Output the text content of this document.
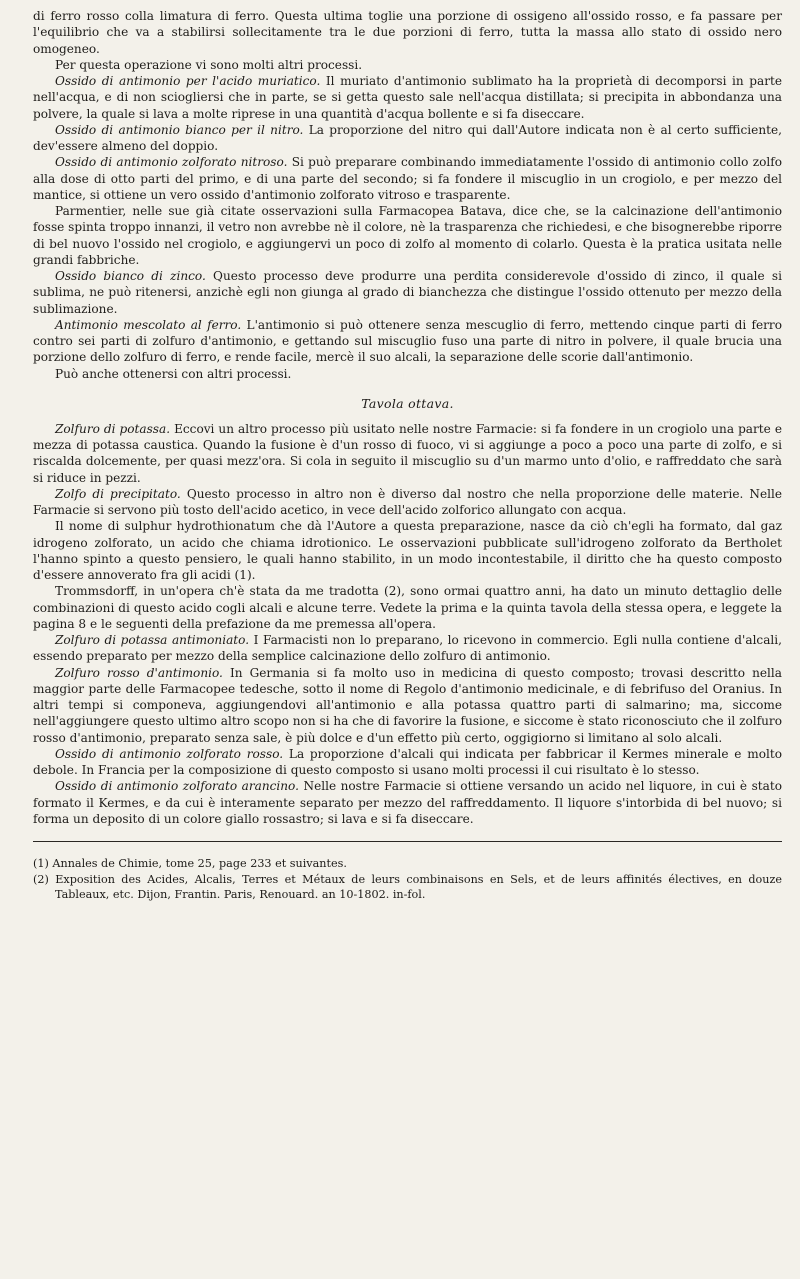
di ferro rosso colla limatura di ferro. Questa ultima toglie una porzione di ossigeno all'ossido rosso, e fa passare per l'equilibrio che va a stabilirsi sollecitamente tra le due porzioni di ferro, tutta la massa allo stato di ossido nero omogeneo.

Per questa operazione vi sono molti altri processi.

Ossido di antimonio per l'acido muriatico. Il muriato d'antimonio sublimato ha la proprietà di decomporsi in parte nell'acqua, e di non sciogliersi che in parte, se si getta questo sale nell'acqua distillata; si precipita in abbondanza una polvere, la quale si lava a molte riprese in una quantità d'acqua bollente e si fa diseccare.

Ossido di antimonio bianco per il nitro. La proporzione del nitro qui dall'Autore indicata non è al certo sufficiente, dev'essere almeno del doppio.

Ossido di antimonio zolforato nitroso. Si può preparare combinando immediatamente l'ossido di antimonio collo zolfo alla dose di otto parti del primo, e di una parte del secondo; si fa fondere il miscuglio in un crogiolo, e per mezzo del mantice, si ottiene un vero ossido d'antimonio zolforato vitroso e trasparente.

Parmentier, nelle sue già citate osservazioni sulla Farmacopea Batava, dice che, se la calcinazione dell'antimonio fosse spinta troppo innanzi, il vetro non avrebbe nè il colore, nè la trasparenza che richiedesi, e che bisognerebbe riporre di bel nuovo l'ossido nel crogiolo, e aggiungervi un poco di zolfo al momento di colarlo. Questa è la pratica usitata nelle grandi fabbriche.

Ossido bianco di zinco. Questo processo deve produrre una perdita considerevole d'ossido di zinco, il quale si sublima, ne può ritenersi, anzichè egli non giunga al grado di bianchezza che distingue l'ossido ottenuto per mezzo della sublimazione.

Antimonio mescolato al ferro. L'antimonio si può ottenere senza mescuglio di ferro, mettendo cinque parti di ferro contro sei parti di zolfuro d'antimonio, e gettando sul miscuglio fuso una parte di nitro in polvere, il quale brucia una porzione dello zolfuro di ferro, e rende facile, mercè il suo alcali, la separazione delle scorie dall'antimonio.

Può anche ottenersi con altri processi.

Tavola ottava.

Zolfuro di potassa. Eccovi un altro processo più usitato nelle nostre Farmacie: si fa fondere in un crogiolo una parte e mezza di potassa caustica. Quando la fusione è d'un rosso di fuoco, vi si aggiunge a poco a poco una parte di zolfo, e si riscalda dolcemente, per quasi mezz'ora. Si cola in seguito il miscuglio su d'un marmo unto d'olio, e raffreddato che sarà si riduce in pezzi.

Zolfo di precipitato. Questo processo in altro non è diverso dal nostro che nella proporzione delle materie. Nelle Farmacie si servono più tosto dell'acido acetico, in vece dell'acido zolforico allungato con acqua.

Il nome di sulphur hydrothionatum che dà l'Autore a questa preparazione, nasce da ciò ch'egli ha formato, dal gaz idrogeno zolforato, un acido che chiama idrotionico. Le osservazioni pubblicate sull'idrogeno zolforato da Bertholet l'hanno spinto a questo pensiero, le quali hanno stabilito, in un modo incontestabile, il diritto che ha questo composto d'essere annoverato fra gli acidi (1).

Trommsdorff, in un'opera ch'è stata da me tradotta (2), sono ormai quattro anni, ha dato un minuto dettaglio delle combinazioni di questo acido cogli alcali e alcune terre. Vedete la prima e la quinta tavola della stessa opera, e leggete la pagina 8 e le seguenti della prefazione da me premessa all'opera.

Zolfuro di potassa antimoniato. I Farmacisti non lo preparano, lo ricevono in commercio. Egli nulla contiene d'alcali, essendo preparato per mezzo della semplice calcinazione dello zolfuro di antimonio.

Zolfuro rosso d'antimonio. In Germania si fa molto uso in medicina di questo composto; trovasi descritto nella maggior parte delle Farmacopee tedesche, sotto il nome di Regolo d'antimonio medicinale, e di febrifuso del Oranius. In altri tempi si componeva, aggiungendovi all'antimonio e alla potassa quattro parti di salmarino; ma, siccome nell'aggiungere questo ultimo altro scopo non si ha che di favorire la fusione, e siccome è stato riconosciuto che il zolfuro rosso d'antimonio, preparato senza sale, è più dolce e d'un effetto più certo, oggigiorno si limitano al solo alcali.

Ossido di antimonio zolforato rosso. La proporzione d'alcali qui indicata per fabbricar il Kermes minerale e molto debole. In Francia per la composizione di questo composto si usano molti processi il cui risultato è lo stesso.

Ossido di antimonio zolforato arancino. Nelle nostre Farmacie si ottiene versando un acido nel liquore, in cui è stato formato il Kermes, e da cui è interamente separato per mezzo del raffreddamento. Il liquore s'intorbida di bel nuovo; si forma un deposito di un colore giallo rossastro; si lava e si fa diseccare.

(1) Annales de Chimie, tome 25, page 233 et suivantes.

(2) Exposition des Acides, Alcalis, Terres et Métaux de leurs combinaisons en Sels, et de leurs affinités électives, en douze Tableaux, etc. Dijon, Frantin. Paris, Renouard. an 10-1802. in-fol.
